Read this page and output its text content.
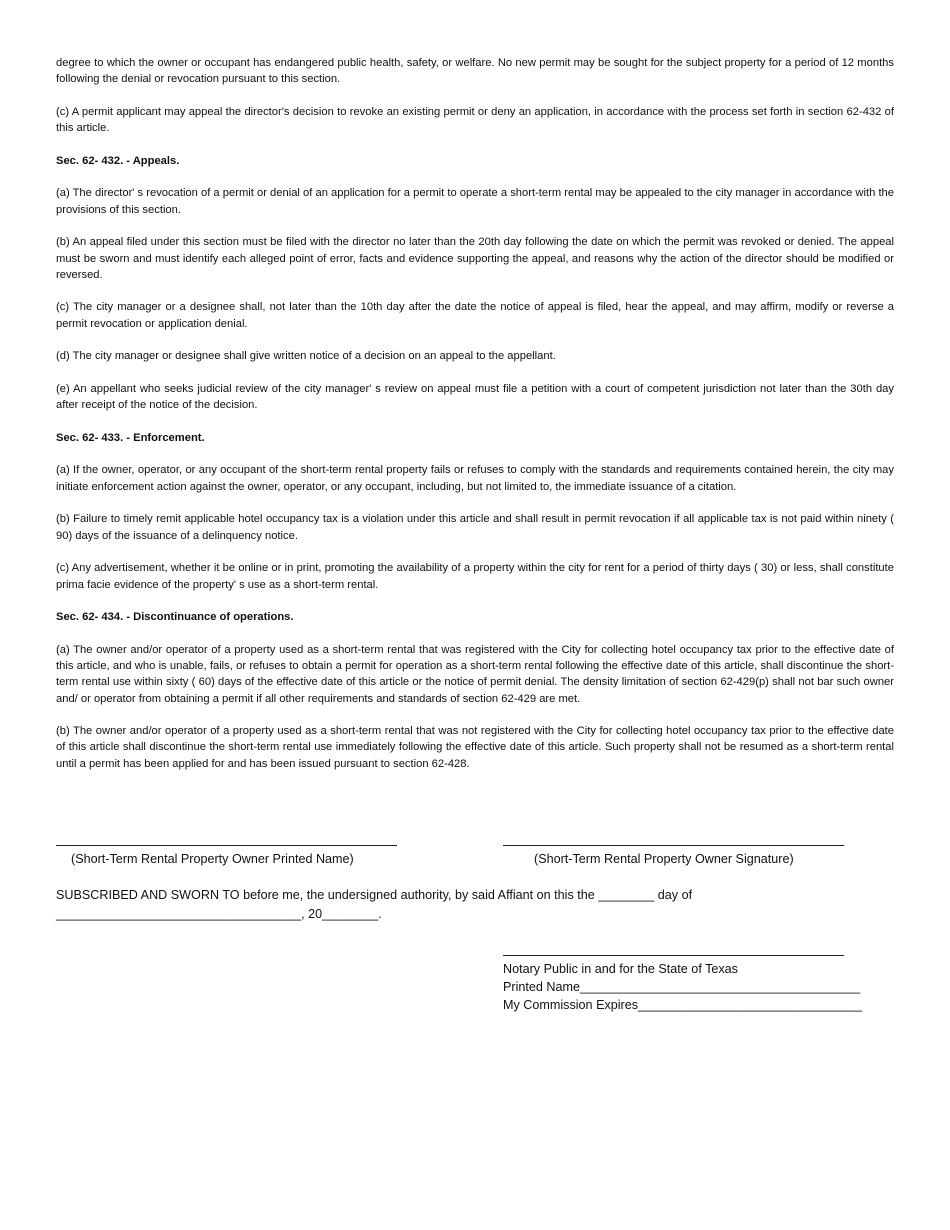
degree to which the owner or occupant has endangered public health, safety, or welfare. No new permit may be sought for the subject property for a period of 12 months following the denial or revocation pursuant to this section.

(c) A permit applicant may appeal the director's decision to revoke an existing permit or deny an application, in accordance with the process set forth in section 62-432 of this article.

Sec. 62- 432. - Appeals.

(a) The director' s revocation of a permit or denial of an application for a permit to operate a short-term rental may be appealed to the city manager in accordance with the provisions of this section.

(b) An appeal filed under this section must be filed with the director no later than the 20th day following the date on which the permit was revoked or denied. The appeal must be sworn and must identify each alleged point of error, facts and evidence supporting the appeal, and reasons why the action of the director should be modified or reversed.

(c) The city manager or a designee shall, not later than the 10th day after the date the notice of appeal is filed, hear the appeal, and may affirm, modify or reverse a permit revocation or application denial.

(d) The city manager or designee shall give written notice of a decision on an appeal to the appellant.

(e) An appellant who seeks judicial review of the city manager' s review on appeal must file a petition with a court of competent jurisdiction not later than the 30th day after receipt of the notice of the decision.

Sec. 62- 433. - Enforcement.

(a) If the owner, operator, or any occupant of the short-term rental property fails or refuses to comply with the standards and requirements contained herein, the city may initiate enforcement action against the owner, operator, or any occupant, including, but not limited to, the immediate issuance of a citation.

(b) Failure to timely remit applicable hotel occupancy tax is a violation under this article and shall result in permit revocation if all applicable tax is not paid within ninety ( 90) days of the issuance of a delinquency notice.

(c) Any advertisement, whether it be online or in print, promoting the availability of a property within the city for rent for a period of thirty days ( 30) or less, shall constitute prima facie evidence of the property' s use as a short-term rental.

Sec. 62- 434. - Discontinuance of operations.

(a) The owner and/or operator of a property used as a short-term rental that was registered with the City for collecting hotel occupancy tax prior to the effective date of this article, and who is unable, fails, or refuses to obtain a permit for operation as a short-term rental following the effective date of this article, shall discontinue the short-term rental use within sixty ( 60) days of the effective date of this article or the notice of permit denial. The density limitation of section 62-429(p) shall not bar such owner and/ or operator from obtaining a permit if all other requirements and standards of section 62-429 are met.

(b) The owner and/or operator of a property used as a short-term rental that was not registered with the City for collecting hotel occupancy tax prior to the effective date of this article shall discontinue the short-term rental use immediately following the effective date of this article. Such property shall not be resumed as a short-term rental until a permit has been applied for and has been issued pursuant to section 62-428.

(Short-Term Rental Property Owner Printed Name)	(Short-Term Rental Property Owner Signature)
SUBSCRIBED AND SWORN TO before me, the undersigned authority, by said Affiant on this the ________ day of
___________________________________, 20________.
Notary Public in and for the State of Texas
Printed Name________________________________________
My Commission Expires________________________________
